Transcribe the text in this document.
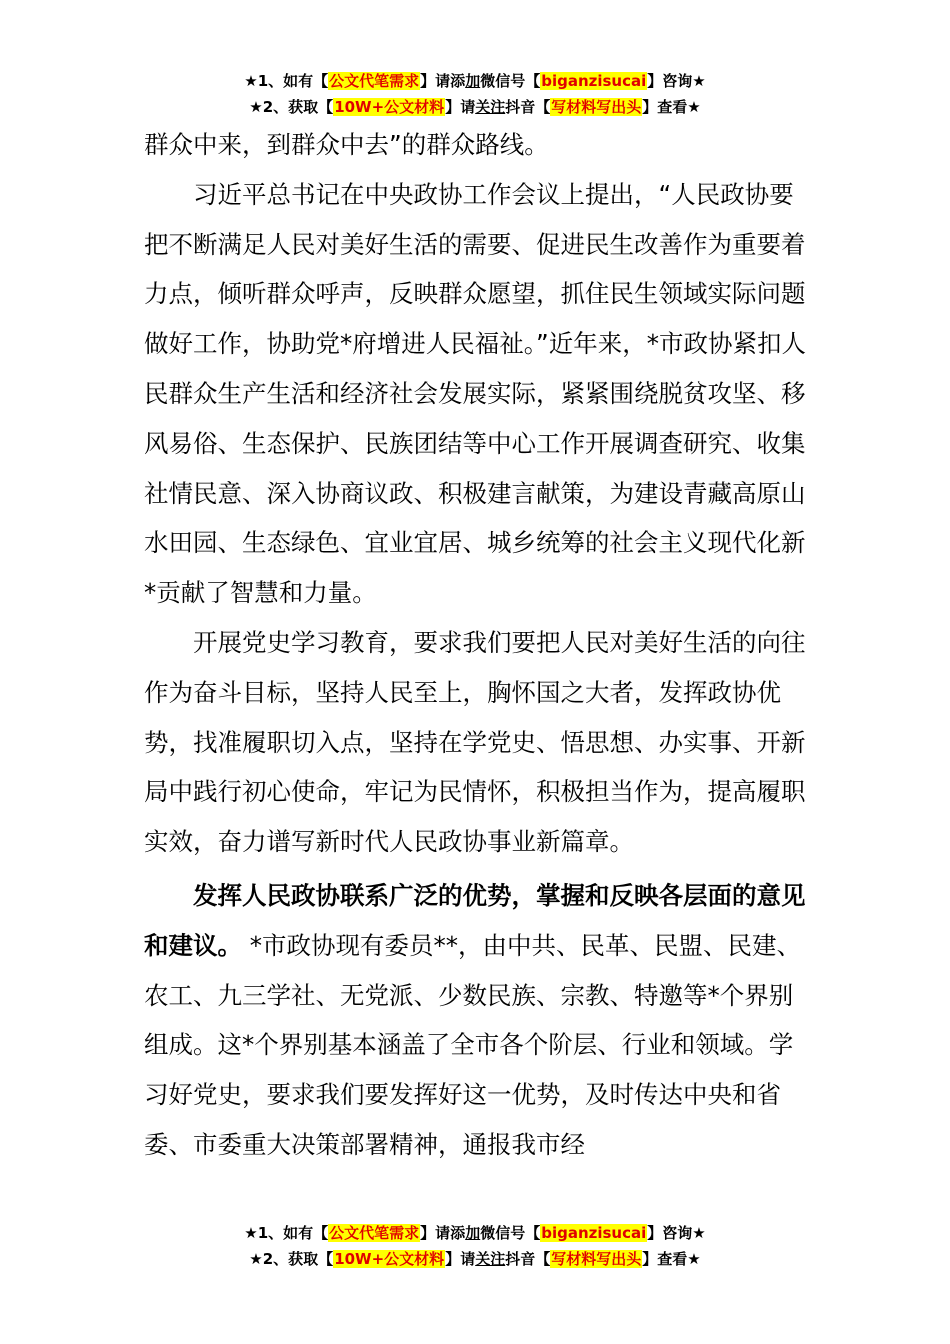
★1、如有【公文代笔需求】请添加微信号【biganzisucai】咨询★
★2、获取【10W+公文材料】请关注抖音【写材料写出头】查看★

群众中来，到群众中去”的群众路线。

习近平总书记在中央政协工作会议上提出，“人民政协要把不断满足人民对美好生活的需要、促进民生改善作为重要着力点，倾听群众呼声，反映群众愿望，抓住民生领域实际问题做好工作，协助党*府增进人民福祉。”近年来，*市政协紧扣人民群众生产生活和经济社会发展实际，紧紧围绕脱贫攻坚、移风易俗、生态保护、民族团结等中心工作开展调查研究、收集社情民意、深入协商议政、积极建言献策，为建设青藏高原山水田园、生态绿色、宜业宜居、城乡统筹的社会主义现代化新*贡献了智慧和力量。

开展党史学习教育，要求我们要把人民对美好生活的向往作为奋斗目标，坚持人民至上，胸怀国之大者，发挥政协优势，找准履职切入点，坚持在学党史、悟思想、办实事、开新局中践行初心使命，牢记为民情怀，积极担当作为，提高履职实效，奋力谱写新时代人民政协事业新篇章。

发挥人民政协联系广泛的优势，掌握和反映各层面的意见和建议。 *市政协现有委员**，由中共、民革、民盟、民建、农工、九三学社、无党派、少数民族、宗教、特邀等*个界别组成。这*个界别基本涵盖了全市各个阶层、行业和领域。学习好党史，要求我们要发挥好这一优势，及时传达中央和省委、市委重大决策部署精神，通报我市经

★1、如有【公文代笔需求】请添加微信号【biganzisucai】咨询★
★2、获取【10W+公文材料】请关注抖音【写材料写出头】查看★
